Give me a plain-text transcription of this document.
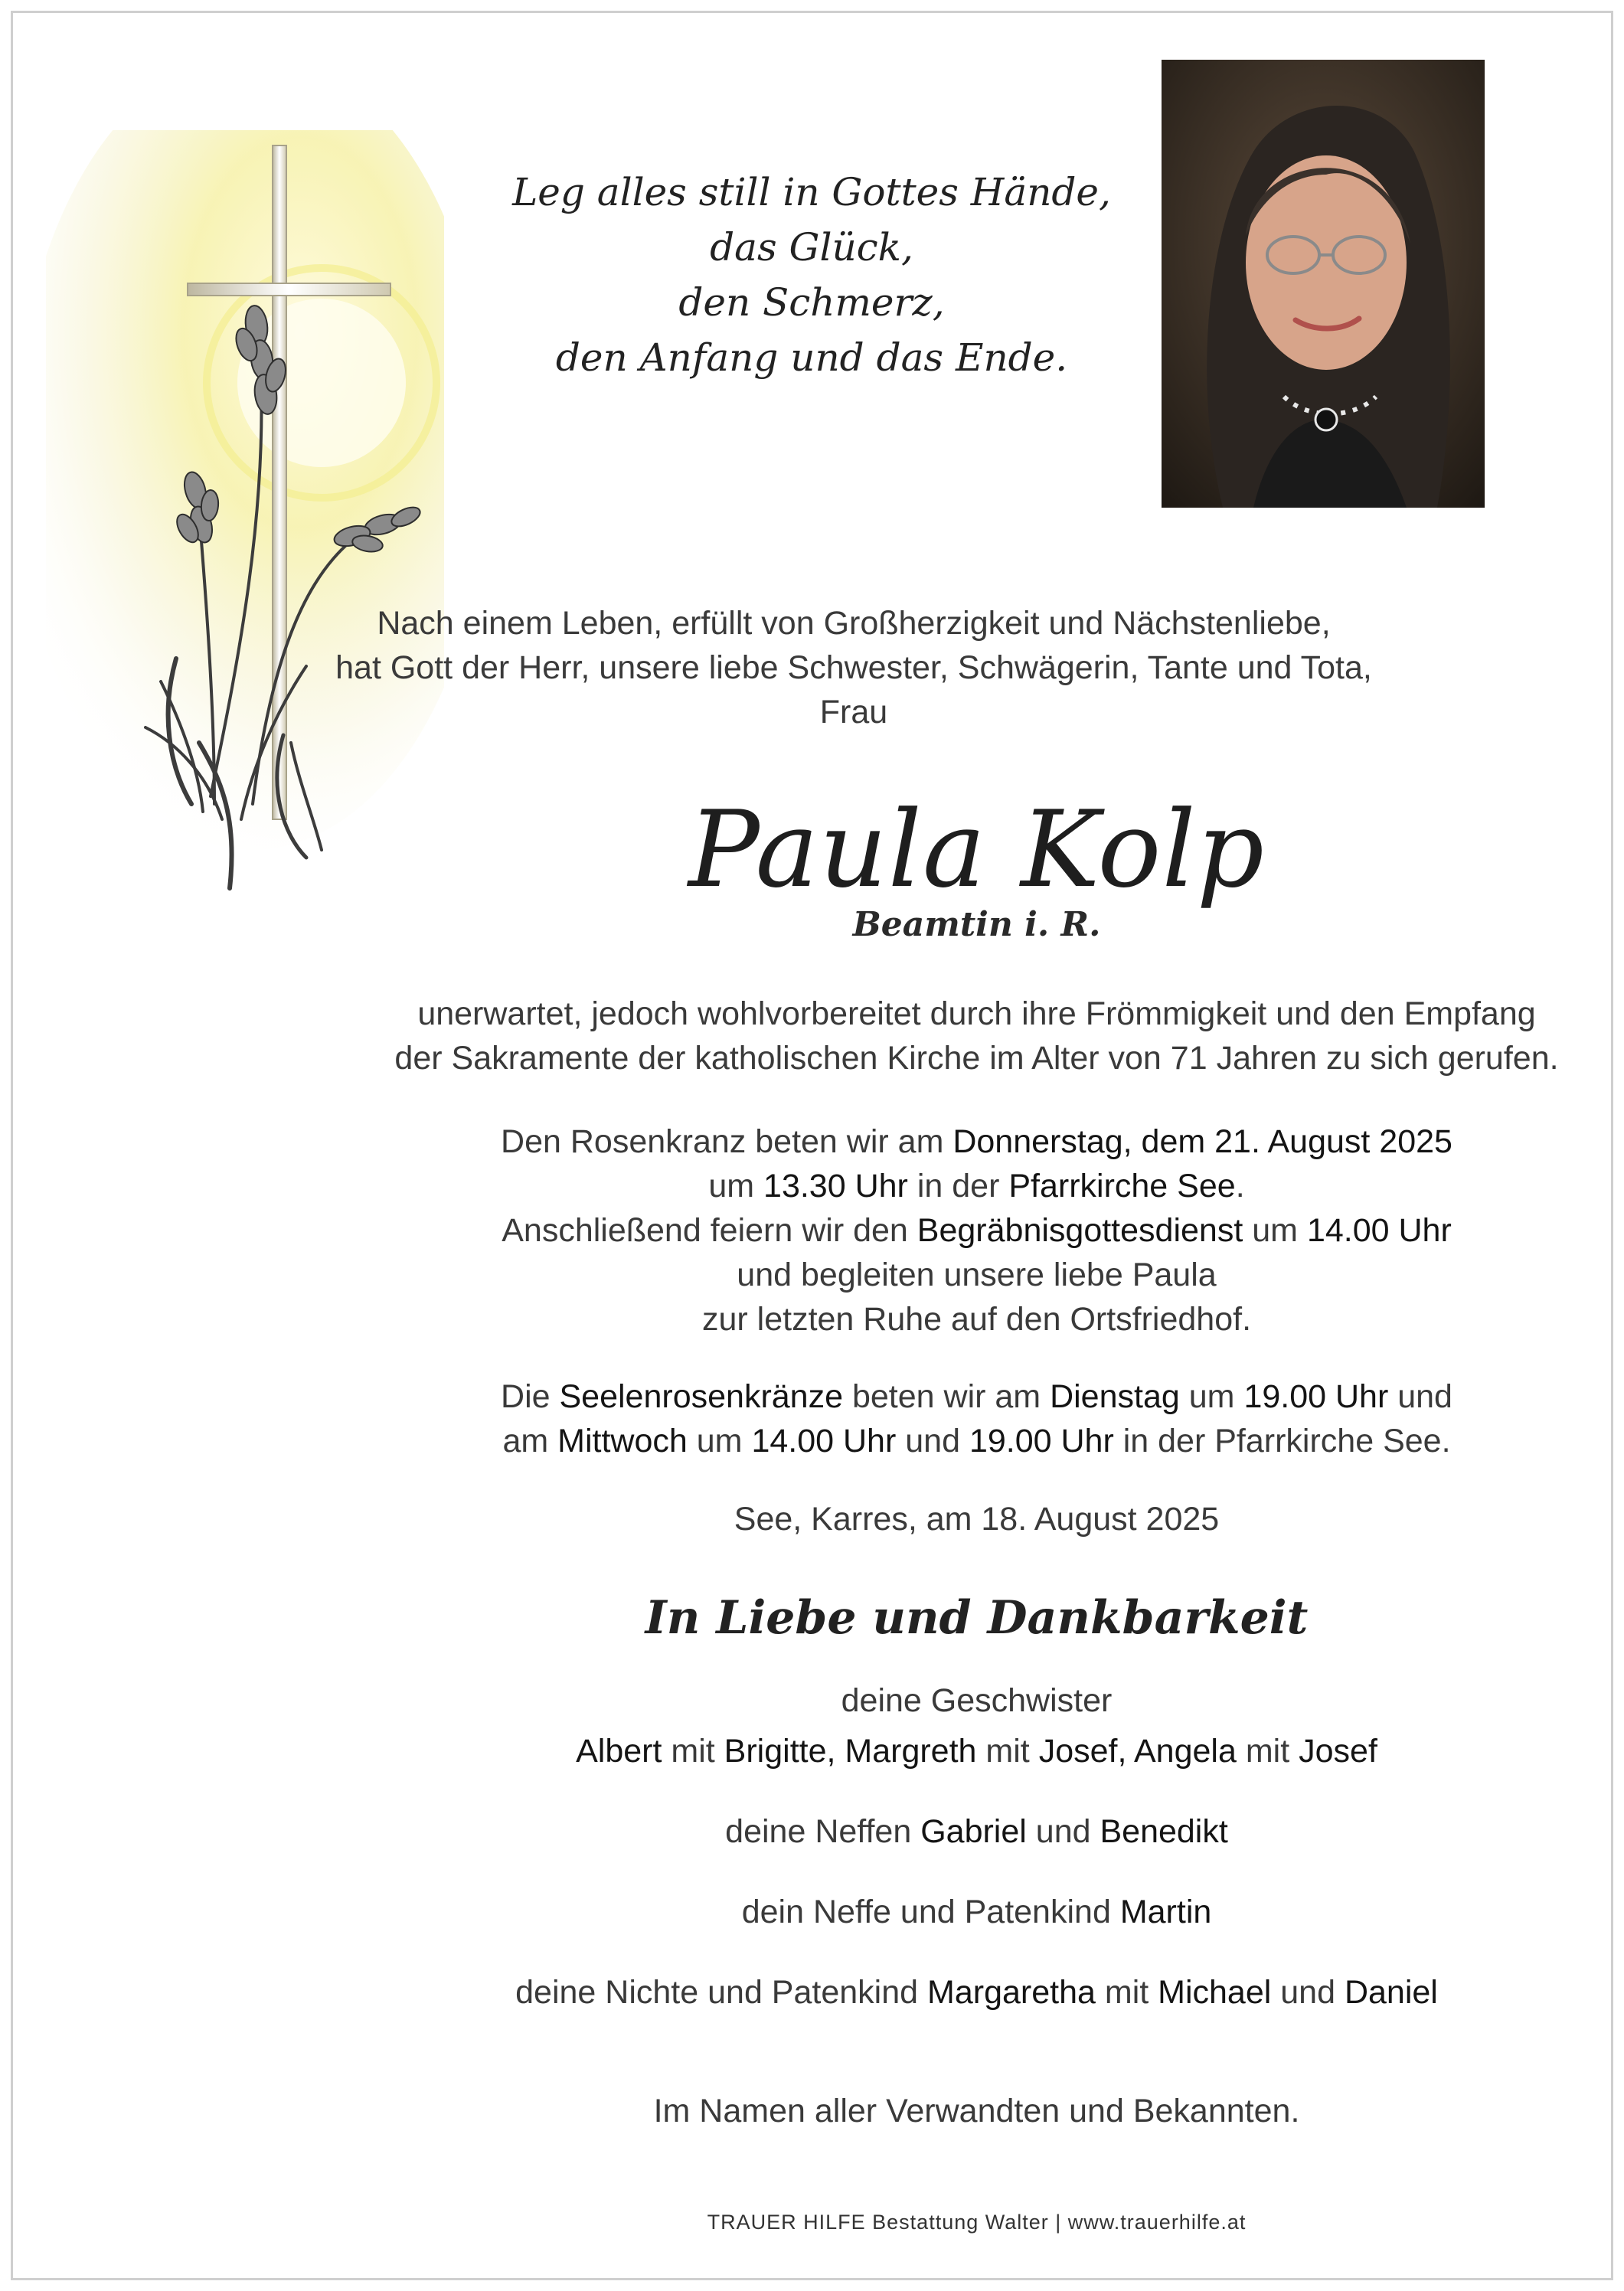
Leg alles still in Gottes Hände,
das Glück,
den Schmerz,
den Anfang und das Ende.
Nach einem Leben, erfüllt von Großherzigkeit und Nächstenliebe,
hat Gott der Herr, unsere liebe Schwester, Schwägerin, Tante und Tota,
Frau
Paula Kolp
Beamtin i. R.
unerwartet, jedoch wohlvorbereitet durch ihre Frömmigkeit und den Empfang
der Sakramente der katholischen Kirche im Alter von 71 Jahren zu sich gerufen.
Den Rosenkranz beten wir am Donnerstag, dem 21. August 2025
um 13.30 Uhr in der Pfarrkirche See.
Anschließend feiern wir den Begräbnisgottesdienst um 14.00 Uhr
und begleiten unsere liebe Paula
zur letzten Ruhe auf den Ortsfriedhof.
Die Seelenrosenkränze beten wir am Dienstag um 19.00 Uhr und
am Mittwoch um 14.00 Uhr und 19.00 Uhr in der Pfarrkirche See.
See, Karres, am 18. August 2025
In Liebe und Dankbarkeit
deine Geschwister
Albert mit Brigitte, Margreth mit Josef, Angela mit Josef
deine Neffen Gabriel und Benedikt
dein Neffe und Patenkind Martin
deine Nichte und Patenkind Margaretha mit Michael und Daniel
Im Namen aller Verwandten und Bekannten.
TRAUER HILFE Bestattung Walter | www.trauerhilfe.at
